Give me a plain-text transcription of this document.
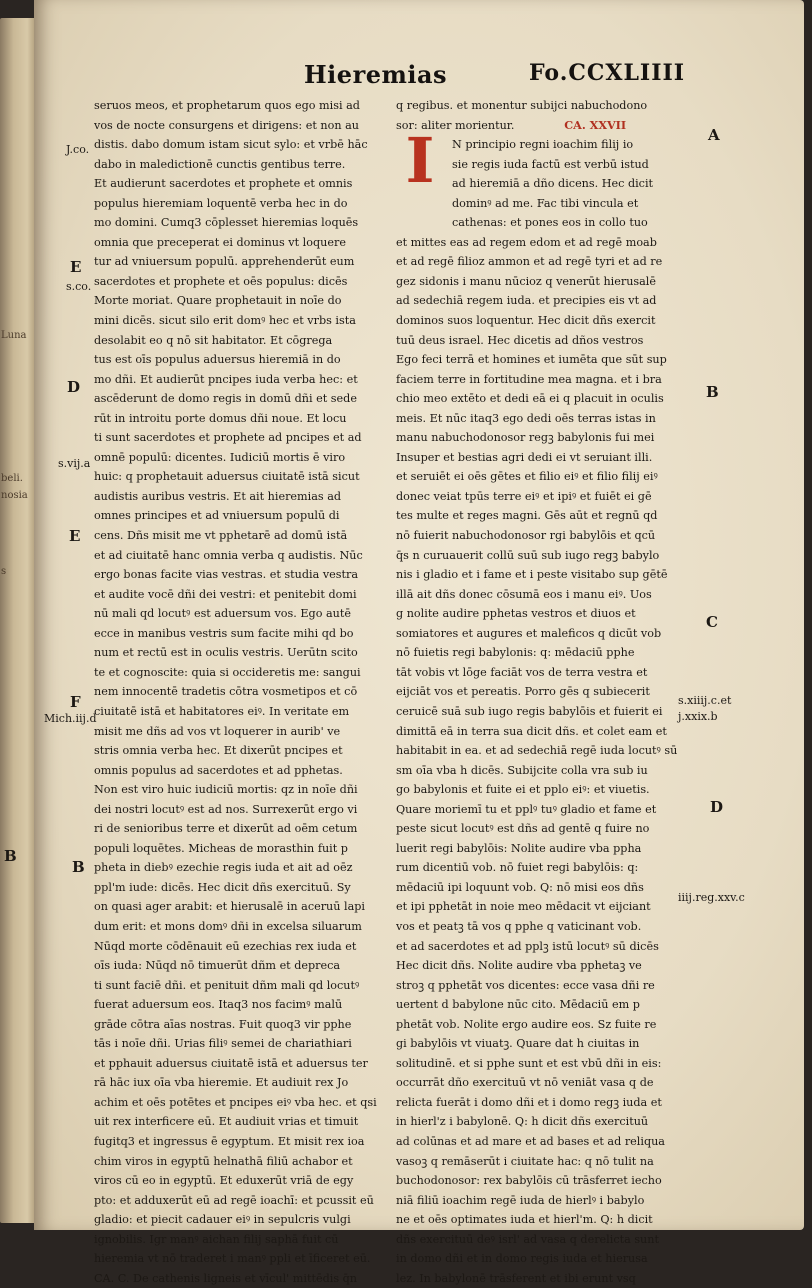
Luna
beli.
nosia
s
Hieremias	Fo.CCXLIIII
seruos meos, et prophetarum quos ego misi ad
vos de nocte consurgens et dirigens: et non au
distis. dabo domum istam sicut sylo: et vrbē hāc
dabo in maledictionē cunctis gentibus terre.
Et audierunt sacerdotes et prophete et omnis
populus hieremiam loquentē verba hec in do
mo domini. Cumq3 cōplesset hieremias loquēs
omnia que preceperat ei dominus vt loquere
tur ad vniuersum populū. apprehenderūt eum
sacerdotes et prophete et oēs populus: dicēs
Morte moriat. Quare prophetauit in noīe do
mini dicēs. sicut silo erit domꝰ hec et vrbs ista
desolabit eo q nō sit habitator. Et cōgrega
tus est oīs populus aduersus hieremiā in do
mo dñi. Et audierūt pncipes iuda verba hec: et
ascēderunt de domo regis in domū dñi et sede
rūt in introitu porte domus dñi noue. Et locu
ti sunt sacerdotes et prophete ad pncipes et ad
omnē populū: dicentes. Iudiciū mortis ē viro
huic: q prophetauit aduersus ciuitatē istā sicut
audistis auribus vestris. Et ait hieremias ad
omnes principes et ad vniuersum populū di
cens. Dñs misit me vt pphetarē ad domū istā
et ad ciuitatē hanc omnia verba q audistis. Nūc
ergo bonas facite vias vestras. et studia vestra
et audite vocē dñi dei vestri: et penitebit domi
nū mali qd locutꝰ est aduersum vos. Ego autē
ecce in manibus vestris sum facite mihi qd bo
num et rectū est in oculis vestris. Uerūtn scito
te et cognoscite: quia si occideretis me: sangui
nem innocentē tradetis cōtra vosmetipos et cō
ciuitatē istā et habitatores eiꝰ. In veritate em
misit me dñs ad vos vt loquerer in aurib' ve
stris omnia verba hec. Et dixerūt pncipes et
omnis populus ad sacerdotes et ad pphetas.
Non est viro huic iudiciū mortis: qz in noīe dñi
dei nostri locutꝰ est ad nos. Surrexerūt ergo vi
ri de senioribus terre et dixerūt ad oēm cetum
populi loquētes. Micheas de morasthin fuit p
pheta in diebꝰ ezechie regis iuda et ait ad oēz
ppl'm iude: dicēs. Hec dicit dñs exercituū. Sy
on quasi ager arabit: et hierusalē in aceruū lapi
dum erit: et mons domꝰ dñi in excelsa siluarum
Nūqd morte cōdēnauit eū ezechias rex iuda et
oīs iuda: Nūqd nō timuerūt dñm et depreca
ti sunt faciē dñi. et penituit dñm mali qd locutꝰ
fuerat aduersum eos. Itaq3 nos facimꝰ malū
grāde cōtra aīas nostras. Fuit quoq3 vir pphe
tās i noīe dñi. Urias filiꝰ semei de chariathiari
et pphauit aduersus ciuitatē istā et aduersus ter
rā hāc iux oīa vba hieremie. Et audiuit rex Jo
achim et oēs potētes et pncipes eiꝰ vba hec. et qsi
uit rex interficere eū. Et audiuit vrias et timuit
fugitq3 et ingressus ē egyptum. Et misit rex ioa
chim viros in egyptū helnathā filiū achabor et
viros cū eo in egyptū. Et eduxerūt vriā de egy
pto: et adduxerūt eū ad regē ioachī: et pcussit eū
gladio: et piecit cadauer eiꝰ in sepulcris vulgi
ignobilis. Igr manꝰ aichan filij saphā fuit cū
hieremia vt nō traderet i manꝰ ppli et īficeret eū.
CA. C. De cathenis ligneis et vīcul' mittēdis q̄n
q regibus. et monentur subijci nabuchodono
sor: aliter morientur.	CA. XXVII
N principio regni ioachim filij io
sie regis iuda factū est verbū istud
ad hieremiā a dño dicens. Hec dicit
dominꝰ ad me. Fac tibi vincula et
cathenas: et pones eos in collo tuo
et mittes eas ad regem edom et ad regē moab
et ad regē filioz ammon et ad regē tyri et ad re
gez sidonis i manu nūcioz q venerūt hierusalē
ad sedechiā regem iuda. et precipies eis vt ad
dominos suos loquentur. Hec dicit dñs exercit
tuū deus israel. Hec dicetis ad dños vestros
Ego feci terrā et homines et iumēta que sūt sup
faciem terre in fortitudine mea magna. et i bra
chio meo extēto et dedi eā ei q placuit in oculis
meis. Et nūc itaq3 ego dedi oēs terras istas in
manu nabuchodonosor regꝫ babylonis fui mei
Insuper et bestias agri dedi ei vt seruiant illi.
et seruiēt ei oēs gētes et filio eiꝰ et filio filij eiꝰ
donec veiat tpūs terre eiꝰ et ipiꝰ et fuiēt ei gē
tes multe et reges magni. Gēs aūt et regnū qd
nō fuierit nabuchodonosor rgi babylōis et qcū
q̄s n curuauerit collū suū sub iugo regꝫ babylo
nis i gladio et i fame et i peste visitabo sup gētē
illā ait dñs donec cōsumā eos i manu eiꝰ. Uos
g nolite audire pphetas vestros et diuos et
somiatores et augures et maleficos q dicūt vob
nō fuietis regi babylonis: q: mēdaciū pphe
tāt vobis vt lōge faciāt vos de terra vestra et
eijciāt vos et pereatis. Porro gēs q subiecerit
ceruicē suā sub iugo regis babylōis et fuierit ei
dimittā eā in terra sua dicit dñs. et colet eam et
habitabit in ea. et ad sedechiā regē iuda locutꝰ sū
sm oīa vba h dicēs. Subijcite colla vra sub iu
go babylonis et fuite ei et pplo eiꝰ: et viuetis.
Quare moriemī tu et pplꝰ tuꝰ gladio et fame et
peste sicut locutꝰ est dñs ad gentē q fuire no
luerit regi babylōis: Nolite audire vba ppha
rum dicentiū vob. nō fuiet regi babylōis: q:
mēdaciū ipi loquunt vob. Q: nō misi eos dñs
et ipi pphetāt in noie meo mēdacit vt eijciant
vos et peatꝫ tā vos q pphe q vaticinant vob.
et ad sacerdotes et ad pplꝫ istū locutꝰ sū dicēs
Hec dicit dñs. Nolite audire vba pphetaꝫ ve
stroꝫ q pphetāt vos dicentes: ecce vasa dñi re
uertent d babylone nūc cito. Mēdaciū em p
phetāt vob. Nolite ergo audire eos. Sz fuite re
gi babylōis vt viuatꝫ. Quare dat h ciuitas in
solitudinē. et si pphe sunt et est vbū dñi in eis:
occurrāt dño exercituū vt nō veniāt vasa q de
relicta fuerāt i domo dñi et i domo regꝫ iuda et
in hierl'z i babylonē. Q: h dicit dñs exercituū
ad colūnas et ad mare et ad bases et ad reliqua
vasoꝫ q remāserūt i ciuitate hac: q nō tulit na
buchodonosor: rex babylōis cū trāsferret iecho
niā filiū ioachim regē iuda de hierlꝰ i babylo
ne et oēs optimates iuda et hierl'm. Q: h dicit
dñs exercituū deꝰ isrl' ad vasa q derelicta sunt
in domo dñi et in domo regis iuda et hierusa
lez. In babylonē trāsferent et ibi erunt vsq
I
J.co.
E
s.co.
D
s.vij.a
E
F
Mich.iij.d
B
B
A
B
C
s.xiiij.c.et
j.xxix.b
D
iiij.reg.xxv.c
